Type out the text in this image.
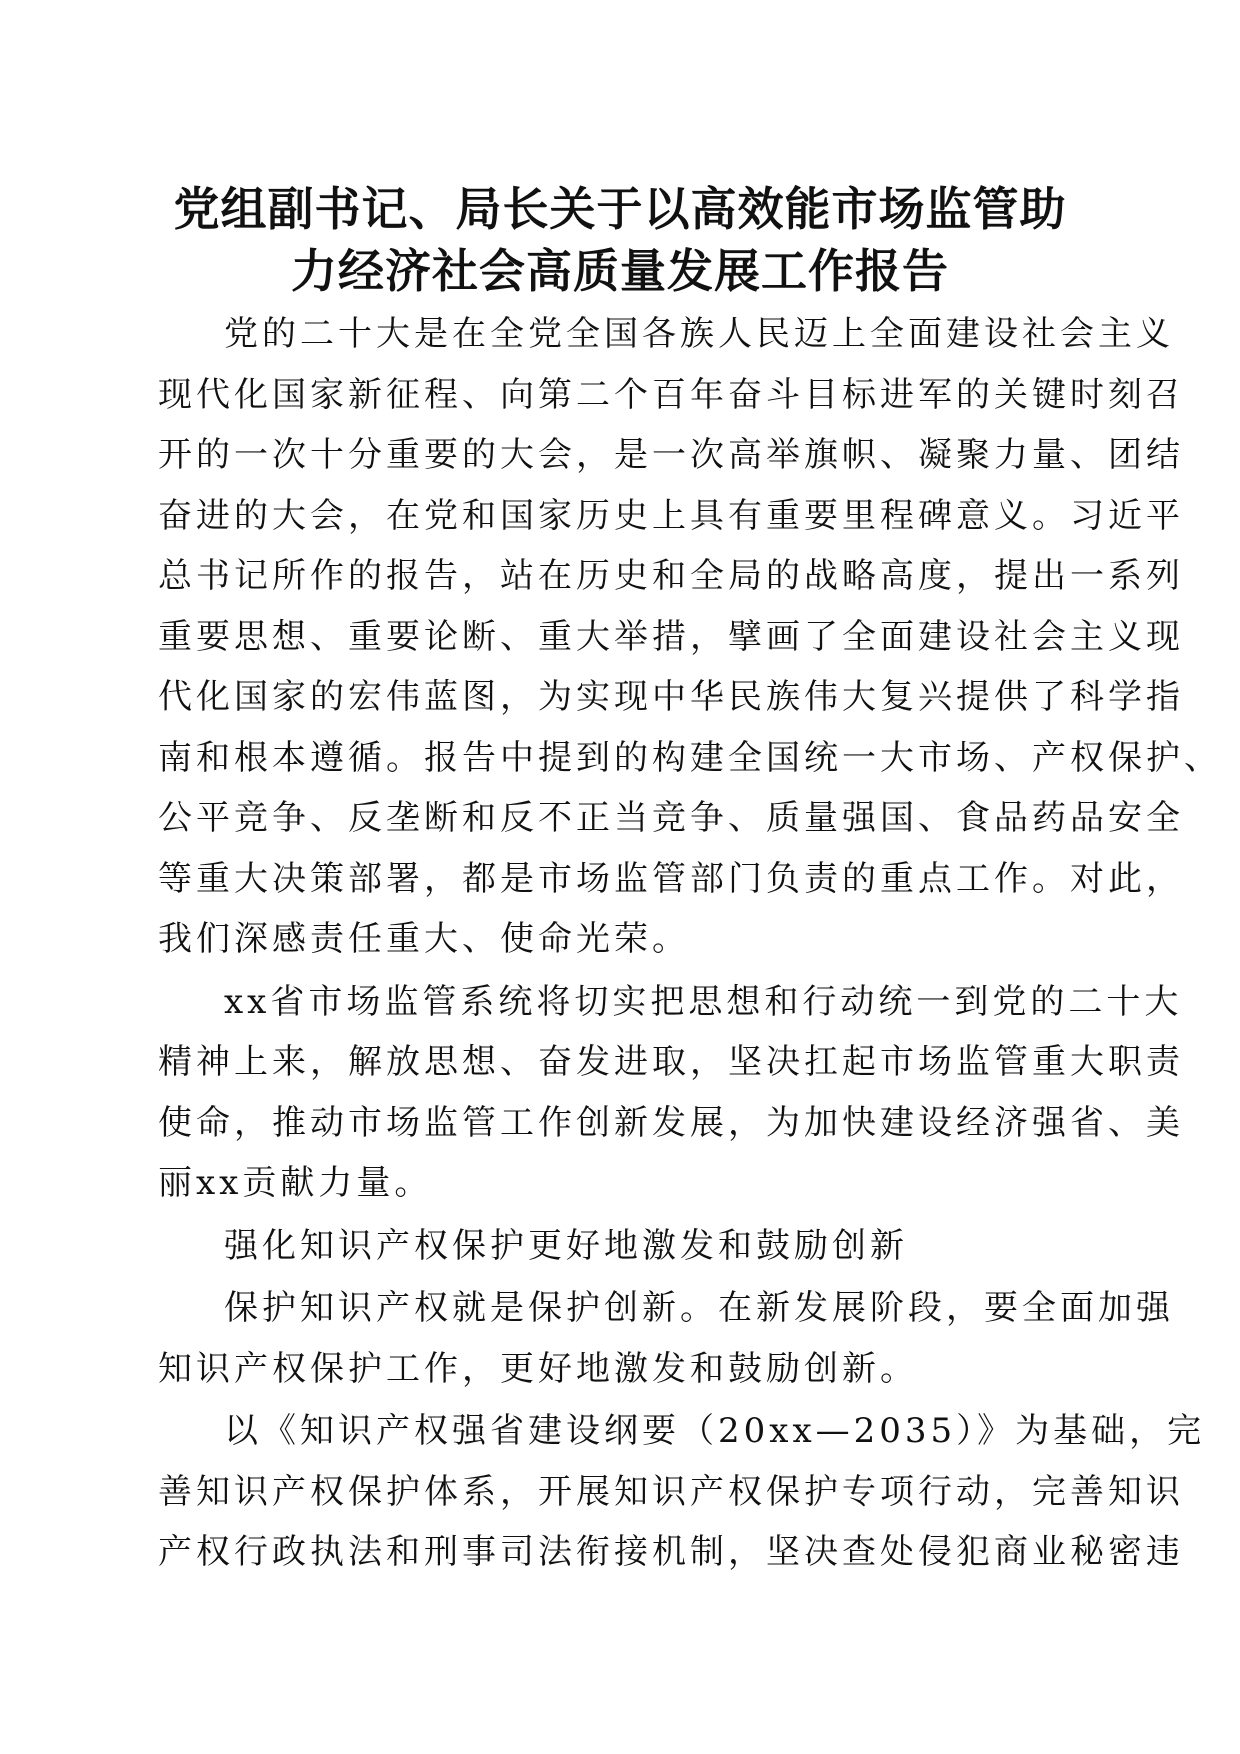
党组副书记、局长关于以高效能市场监管助
力经济社会高质量发展工作报告

党的二十大是在全党全国各族人民迈上全面建设社会主义
现代化国家新征程、向第二个百年奋斗目标进军的关键时刻召
开的一次十分重要的大会，是一次高举旗帜、凝聚力量、团结
奋进的大会，在党和国家历史上具有重要里程碑意义。习近平
总书记所作的报告，站在历史和全局的战略高度，提出一系列
重要思想、重要论断、重大举措，擘画了全面建设社会主义现
代化国家的宏伟蓝图，为实现中华民族伟大复兴提供了科学指
南和根本遵循。报告中提到的构建全国统一大市场、产权保护、
公平竞争、反垄断和反不正当竞争、质量强国、食品药品安全
等重大决策部署，都是市场监管部门负责的重点工作。对此，
我们深感责任重大、使命光荣。

xx省市场监管系统将切实把思想和行动统一到党的二十大
精神上来，解放思想、奋发进取，坚决扛起市场监管重大职责
使命，推动市场监管工作创新发展，为加快建设经济强省、美
丽xx贡献力量。

强化知识产权保护更好地激发和鼓励创新

保护知识产权就是保护创新。在新发展阶段，要全面加强
知识产权保护工作，更好地激发和鼓励创新。

以《知识产权强省建设纲要（20xx—2035）》为基础，完
善知识产权保护体系，开展知识产权保护专项行动，完善知识
产权行政执法和刑事司法衔接机制，坚决查处侵犯商业秘密违
